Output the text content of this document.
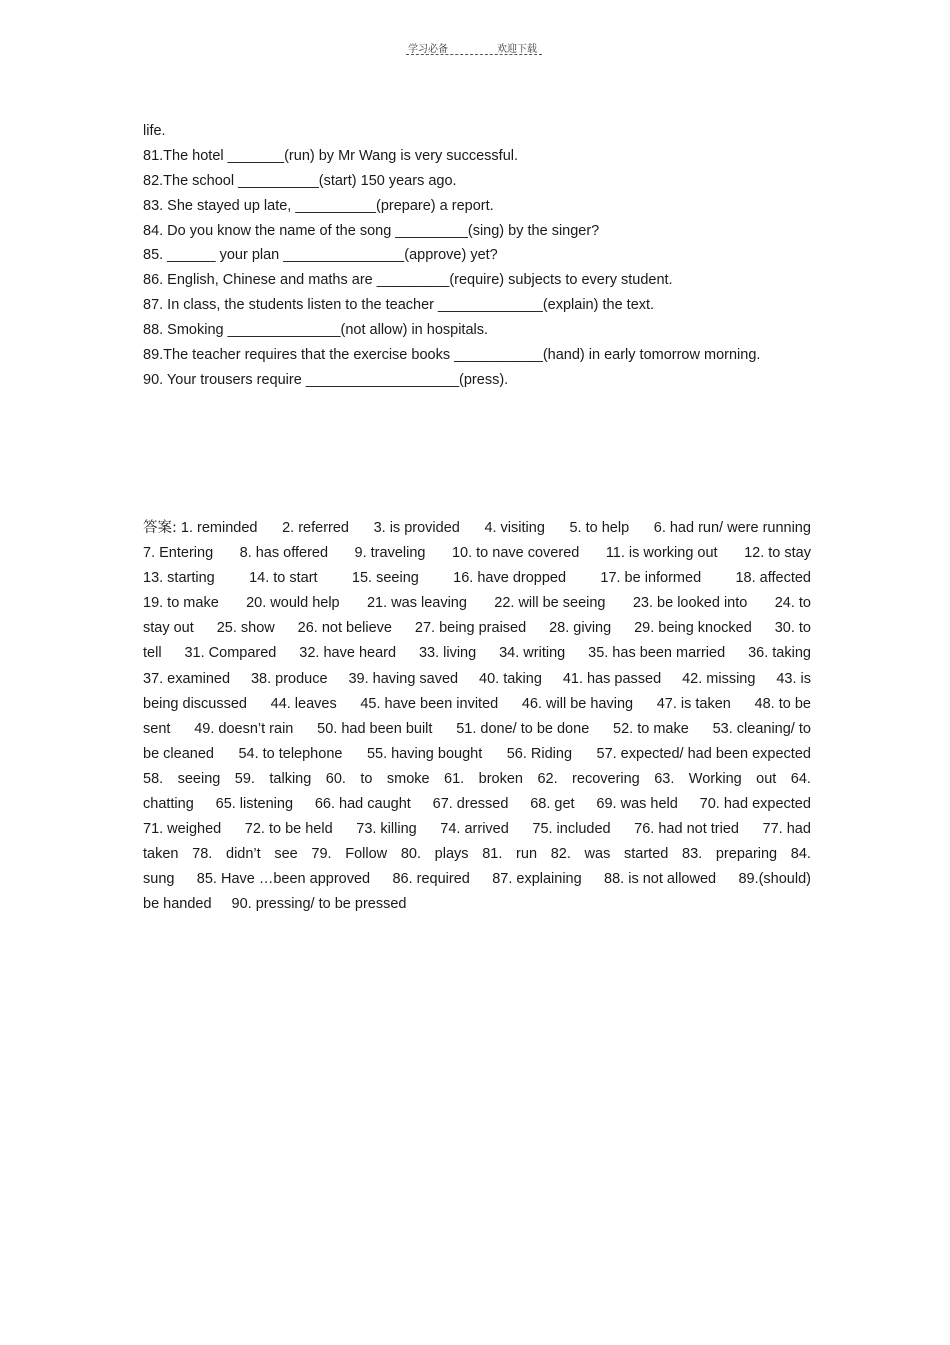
学习必备	欢迎下载
life.
81.The hotel _______(run) by Mr Wang is very successful.
82.The school __________(start) 150 years ago.
83. She stayed up late, __________(prepare) a report.
84. Do you know the name of the song _________(sing) by the singer?
85. ______ your plan _______________(approve) yet?
86. English, Chinese and maths are _________(require) subjects to every student.
87. In class, the students listen to the teacher _____________(explain) the text.
88. Smoking ______________(not allow) in hospitals.
89.The teacher requires that the exercise books ___________(hand) in early tomorrow morning.
90. Your trousers require ___________________(press).
答案: 1. reminded 2. referred 3. is provided 4. visiting 5. to help 6. had run/ were running
7. Entering 8. has offered 9. traveling 10. to nave covered 11. is working out 12. to stay
13. starting 14. to start 15. seeing 16. have dropped 17. be informed 18. affected
19. to make 20. would help 21. was leaving 22. will be seeing 23. be looked into 24. to
stay out 25. show 26. not believe 27. being praised 28. giving 29. being knocked 30. to
tell 31. Compared 32. have heard 33. living 34. writing 35. has been married 36. taking
37. examined 38. produce 39. having saved 40. taking 41. has passed 42. missing 43. is
being discussed 44. leaves 45. have been invited 46. will be having 47. is taken 48. to be
sent 49. doesn’t rain 50. had been built 51. done/ to be done 52. to make 53. cleaning/ to
be cleaned 54. to telephone 55. having bought 56. Riding 57. expected/ had been expected
58. seeing 59. talking 60. to smoke 61. broken 62. recovering 63. Working out 64.
chatting 65. listening 66. had caught 67. dressed 68. get 69. was held 70. had expected
71. weighed 72. to be held 73. killing 74. arrived 75. included 76. had not tried 77. had
taken 78. didn’t see 79. Follow 80. plays 81. run 82. was started 83. preparing 84.
sung 85. Have …been approved 86. required 87. explaining 88. is not allowed 89.(should)
be handed 90. pressing/ to be pressed
